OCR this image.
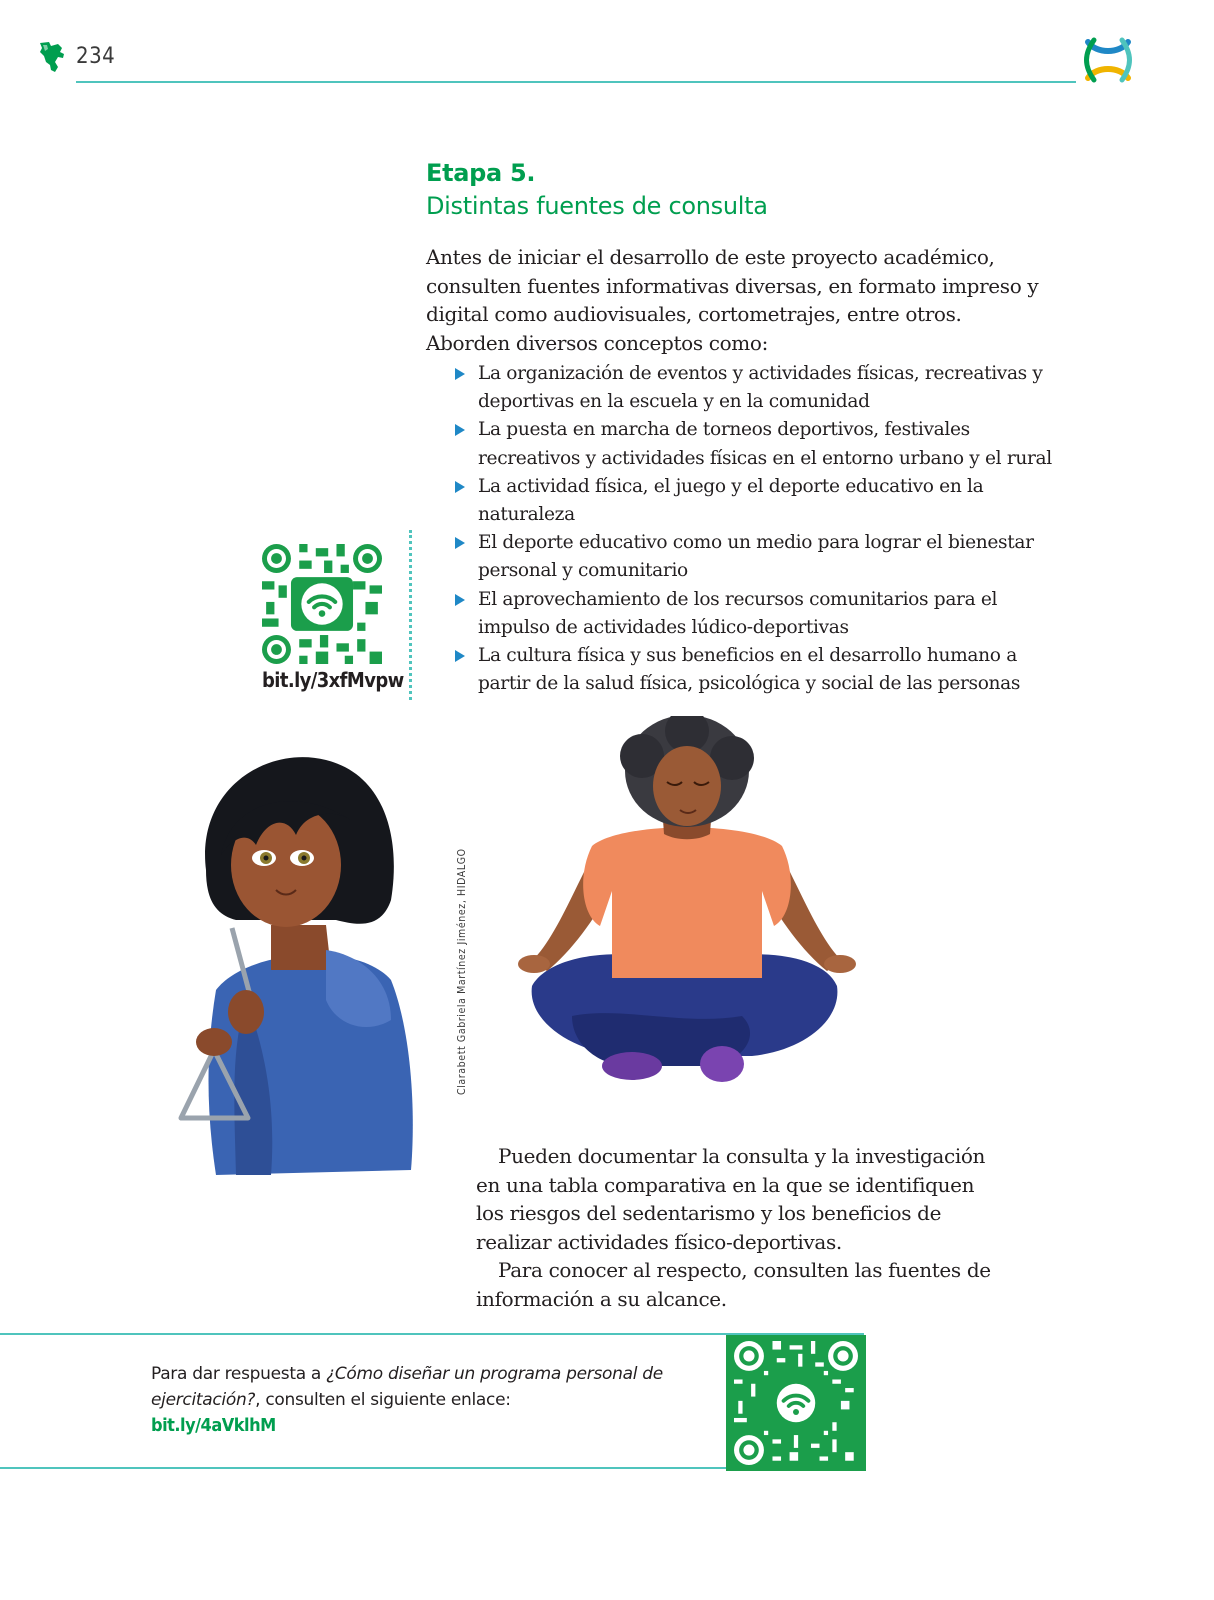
234
Etapa 5.
Distintas fuentes de consulta

Antes de iniciar el desarrollo de este proyecto académico, consulten fuentes informativas diversas, en formato impreso y digital como audiovisuales, cortometrajes, entre otros. Aborden diversos conceptos como:

La organización de eventos y actividades físicas, recreativas y deportivas en la escuela y en la comunidad
La puesta en marcha de torneos deportivos, festivales recreativos y actividades físicas en el entorno urbano y el rural
La actividad física, el juego y el deporte educativo en la naturaleza
El deporte educativo como un medio para lograr el bienestar personal y comunitario
El aprovechamiento de los recursos comunitarios para el impulso de actividades lúdico-deportivas
La cultura física y sus beneficios en el desarrollo humano a partir de la salud física, psicológica y social de las personas
bit.ly/3xfMvpw
Clarabett Gabriela Martínez Jiménez, HIDALGO

Pueden documentar la consulta y la investigación en una tabla comparativa en la que se identifiquen los riesgos del sedentarismo y los beneficios de realizar actividades físico-deportivas.

Para conocer al respecto, consulten las fuentes de información a su alcance.

Para dar respuesta a ¿Cómo diseñar un programa personal de ejercitación?, consulten el siguiente enlace:
bit.ly/4aVklhM
